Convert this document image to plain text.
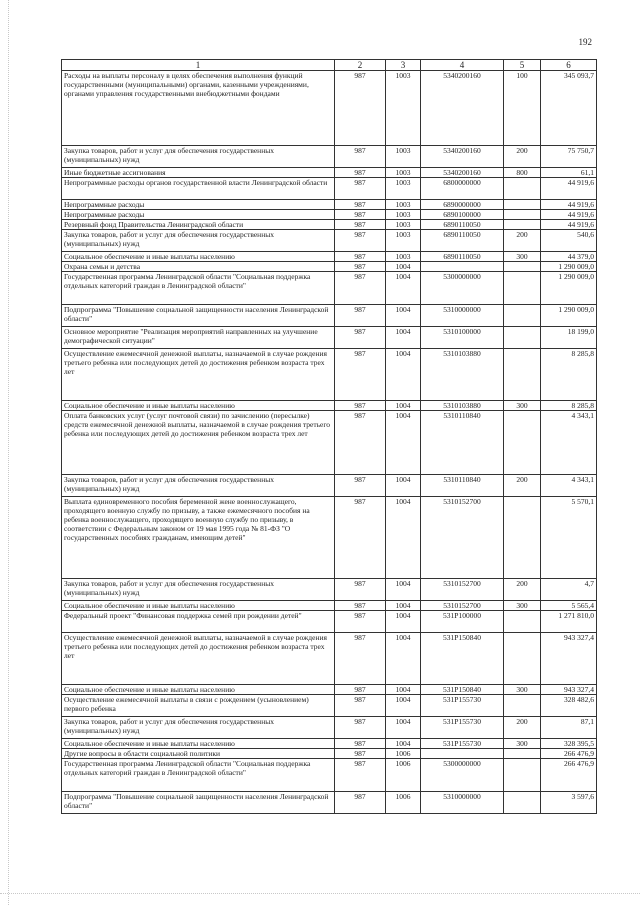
192
1	2	3	4	5	6
Расходы на выплаты персоналу в целях обеспечения выполнения функций государственными (муниципальными) органами, казенными учреждениями, органами управления государственными внебюджетными фондами	987	1003	5340200160	100	345 093,7
Закупка товаров, работ и услуг для обеспечения государственных (муниципальных) нужд	987	1003	5340200160	200	75 750,7
Иные бюджетные ассигнования	987	1003	5340200160	800	61,1
Непрограммные расходы органов государственной власти Ленинградской области	987	1003	6800000000		44 919,6
Непрограммные расходы	987	1003	6890000000		44 919,6
Непрограммные расходы	987	1003	6890100000		44 919,6
Резервный фонд Правительства Ленинградской области	987	1003	6890110050		44 919,6
Закупка товаров, работ и услуг для обеспечения государственных (муниципальных) нужд	987	1003	6890110050	200	540,6
Социальное обеспечение и иные выплаты населению	987	1003	6890110050	300	44 379,0
Охрана семьи и детства	987	1004			1 290 009,0
Государственная программа Ленинградской области "Социальная поддержка отдельных категорий граждан в Ленинградской области"	987	1004	5300000000		1 290 009,0
Подпрограмма "Повышение социальной защищенности населения Ленинградской области"	987	1004	5310000000		1 290 009,0
Основное мероприятие "Реализация мероприятий направленных на улучшение демографической ситуации"	987	1004	5310100000		18 199,0
Осуществление ежемесячной денежной выплаты, назначаемой в случае рождения третьего ребенка или последующих детей до достижения ребенком возраста трех лет	987	1004	5310103880		8 285,8
Социальное обеспечение и иные выплаты населению	987	1004	5310103880	300	8 285,8
Оплата банковских услуг (услуг почтовой связи) по зачислению (пересылке) средств ежемесячной денежной выплаты, назначаемой в случае рождения третьего ребенка или последующих детей до достижения ребенком возраста трех лет	987	1004	5310110840		4 343,1
Закупка товаров, работ и услуг для обеспечения государственных (муниципальных) нужд	987	1004	5310110840	200	4 343,1
Выплата единовременного пособия беременной жене военнослужащего, проходящего военную службу по призыву, а также ежемесячного пособия на ребенка военнослужащего, проходящего военную службу по призыву, в соответствии с Федеральным законом от 19 мая 1995 года № 81-ФЗ "О государственных пособиях гражданам, имеющим детей"	987	1004	5310152700		5 570,1
Закупка товаров, работ и услуг для обеспечения государственных (муниципальных) нужд	987	1004	5310152700	200	4,7
Социальное обеспечение и иные выплаты населению	987	1004	5310152700	300	5 565,4
Федеральный проект "Финансовая поддержка семей при рождении детей"	987	1004	531P100000		1 271 810,0
Осуществление ежемесячной денежной выплаты, назначаемой в случае рождения третьего ребенка или последующих детей до достижения ребенком возраста трех лет	987	1004	531P150840		943 327,4
Социальное обеспечение и иные выплаты населению	987	1004	531P150840	300	943 327,4
Осуществление ежемесячной выплаты в связи с рождением (усыновлением) первого ребенка	987	1004	531P155730		328 482,6
Закупка товаров, работ и услуг для обеспечения государственных (муниципальных) нужд	987	1004	531P155730	200	87,1
Социальное обеспечение и иные выплаты населению	987	1004	531P155730	300	328 395,5
Другие вопросы в области социальной политики	987	1006			266 476,9
Государственная программа Ленинградской области "Социальная поддержка отдельных категорий граждан в Ленинградской области"	987	1006	5300000000		266 476,9
Подпрограмма "Повышение социальной защищенности населения Ленинградской области"	987	1006	5310000000		3 597,6
